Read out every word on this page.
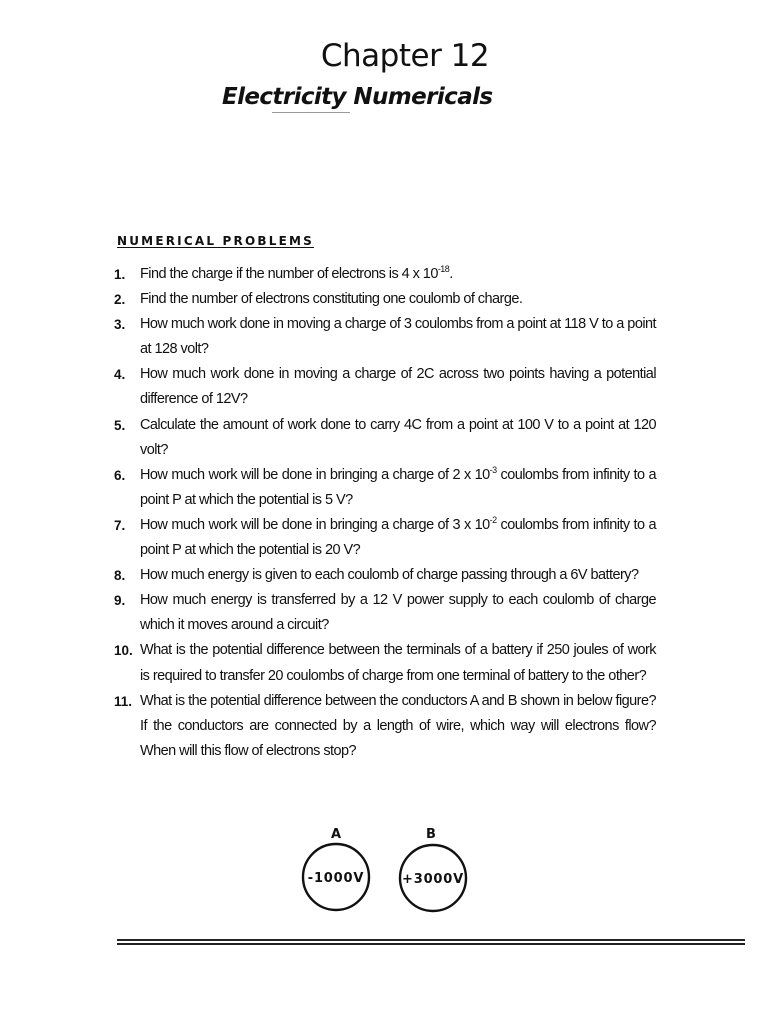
Chapter 12
Electricity Numericals
NUMERICAL PROBLEMS
1. Find the charge if the number of electrons is 4 x $10^{-18}$.
2. Find the number of electrons constituting one coulomb of charge.
3. How much work done in moving a charge of 3 coulombs from a point at 118 V to a point at 128 volt?
4. How much work done in moving a charge of 2C across two points having a potential difference of 12V?
5. Calculate the amount of work done to carry 4C from a point at 100 V to a point at 120 volt?
6. How much work will be done in bringing a charge of 2 x $10^{-3}$ coulombs from infinity to a point P at which the potential is 5 V?
7. How much work will be done in bringing a charge of 3 x $10^{-2}$ coulombs from infinity to a point P at which the potential is 20 V?
8. How much energy is given to each coulomb of charge passing through a 6V battery?
9. How much energy is transferred by a 12 V power supply to each coulomb of charge which it moves around a circuit?
10. What is the potential difference between the terminals of a battery if 250 joules of work is required to transfer 20 coulombs of charge from one terminal of battery to the other?
11. What is the potential difference between the conductors A and B shown in below figure? If the conductors are connected by a length of wire, which way will electrons flow? When will this flow of electrons stop?
A	B
-1000V	+3000V
